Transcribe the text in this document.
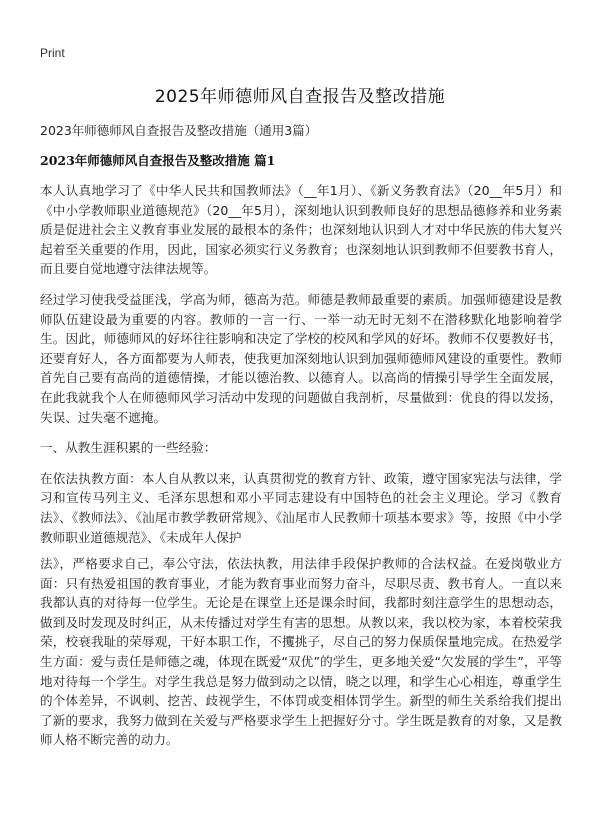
Print
2025年师德师风自查报告及整改措施
2023年师德师风自查报告及整改措施（通用3篇）
2023年师德师风自查报告及整改措施 篇1

本人认真地学习了《中华人民共和国教师法》（__年1月）、《新义务教育法》（20__年5月）和《中小学教师职业道德规范》（20__年5月），深刻地认识到教师良好的思想品德修养和业务素质是促进社会主义教育事业发展的最根本的条件；也深刻地认识到人才对中华民族的伟大复兴起着至关重要的作用，因此，国家必须实行义务教育；也深刻地认识到教师不但要教书育人，而且要自觉地遵守法律法规等。

经过学习使我受益匪浅，学高为师，德高为范。师德是教师最重要的素质。加强师德建设是教师队伍建设最为重要的内容。教师的一言一行、一举一动无时无刻不在潜移默化地影响着学生。因此，师德师风的好坏往往影响和决定了学校的校风和学风的好坏。教师不仅要教好书，还要育好人，各方面都要为人师表，使我更加深刻地认识到加强师德师风建设的重要性。教师首先自己要有高尚的道德情操，才能以德治教、以德育人。以高尚的情操引导学生全面发展，在此我就我个人在师德师风学习活动中发现的问题做自我剖析，尽量做到：优良的得以发扬，失误、过失毫不遮掩。

一、从教生涯积累的一些经验：

在依法执教方面：本人自从教以来，认真贯彻党的教育方针、政策，遵守国家宪法与法律，学习和宣传马列主义、毛泽东思想和邓小平同志建设有中国特色的社会主义理论。学习《教育法》、《教师法》、《汕尾市教学教研常规》、《汕尾市人民教师十项基本要求》等，按照《中小学教师职业道德规范》、《未成年人保护

法》，严格要求自己，奉公守法，依法执教，用法律手段保护教师的合法权益。在爱岗敬业方面：只有热爱祖国的教育事业，才能为教育事业而努力奋斗，尽职尽责、教书育人。一直以来我都认真的对待每一位学生。无论是在课堂上还是课余时间，我都时刻注意学生的思想动态，做到及时发现及时纠正，从未传播过对学生有害的思想。从教以来，我以校为家，本着校荣我荣，校衰我耻的荣辱观，干好本职工作，不攫挑子，尽自己的努力保质保量地完成。在热爱学生方面：爱与责任是师德之魂，体现在既爱“双优”的学生，更多地关爱“欠发展的学生”，平等地对待每一个学生。对学生我总是努力做到动之以情，晓之以理，和学生心心相连，尊重学生的个体差异，不讽刺、挖苦、歧视学生，不体罚或变相体罚学生。新型的师生关系给我们提出了新的要求，我努力做到在关爱与严格要求学生上把握好分寸。学生既是教育的对象，又是教师人格不断完善的动力。
